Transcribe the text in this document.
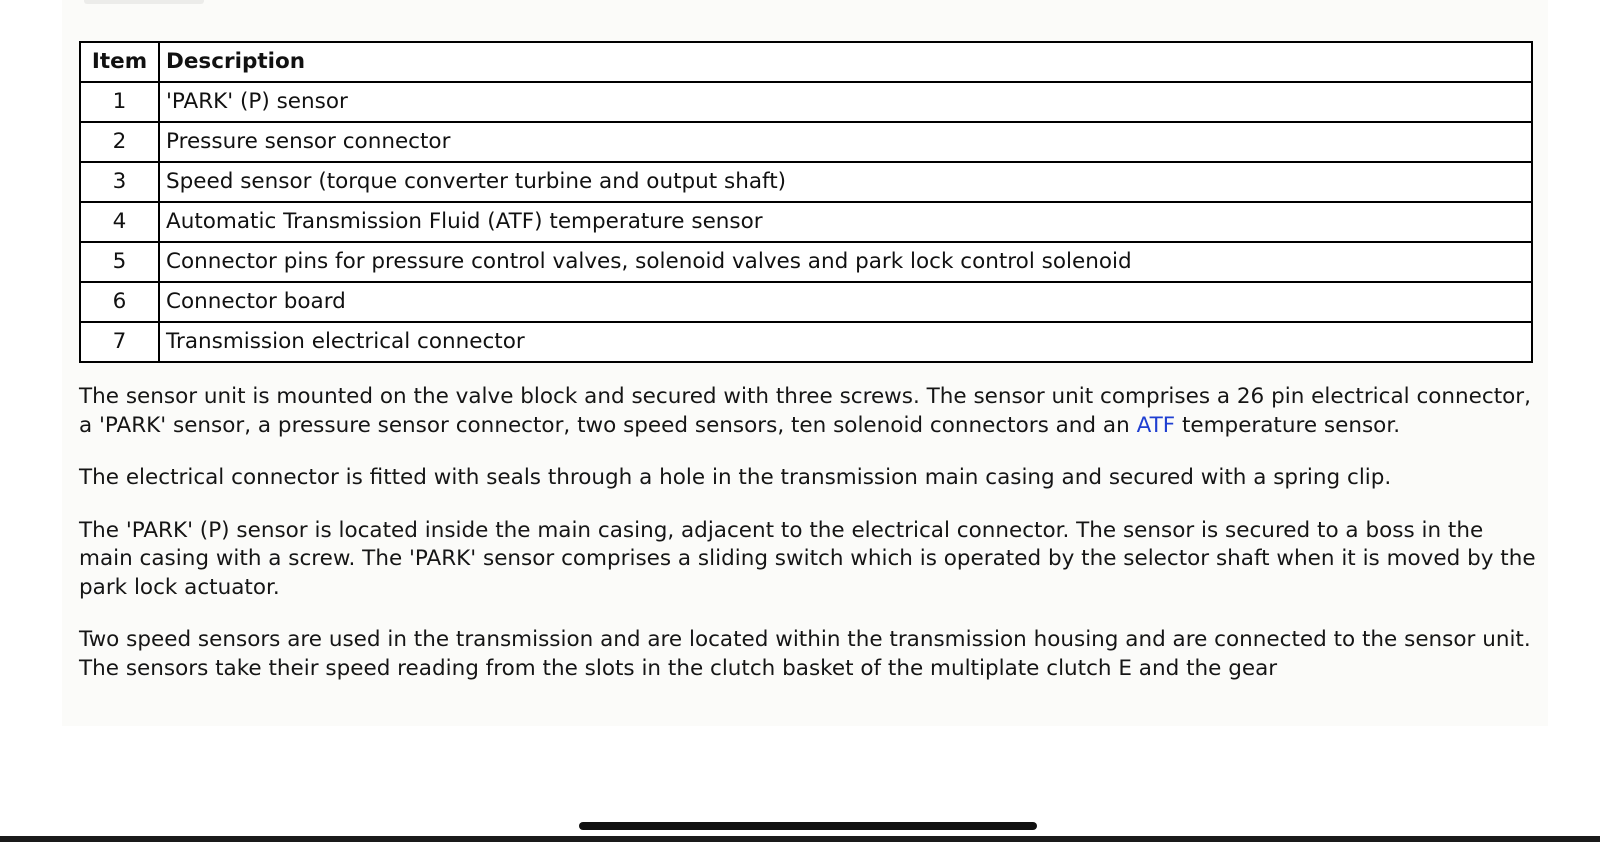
Item	Description
1	'PARK' (P) sensor
2	Pressure sensor connector
3	Speed sensor (torque converter turbine and output shaft)
4	Automatic Transmission Fluid (ATF) temperature sensor
5	Connector pins for pressure control valves, solenoid valves and park lock control solenoid
6	Connector board
7	Transmission electrical connector

The sensor unit is mounted on the valve block and secured with three screws. The sensor unit comprises a 26 pin electrical connector, a 'PARK' sensor, a pressure sensor connector, two speed sensors, ten solenoid connectors and an ATF temperature sensor.

The electrical connector is fitted with seals through a hole in the transmission main casing and secured with a spring clip.

The 'PARK' (P) sensor is located inside the main casing, adjacent to the electrical connector. The sensor is secured to a boss in the main casing with a screw. The 'PARK' sensor comprises a sliding switch which is operated by the selector shaft when it is moved by the park lock actuator.

Two speed sensors are used in the transmission and are located within the transmission housing and are connected to the sensor unit. The sensors take their speed reading from the slots in the clutch basket of the multiplate clutch E and the gear
